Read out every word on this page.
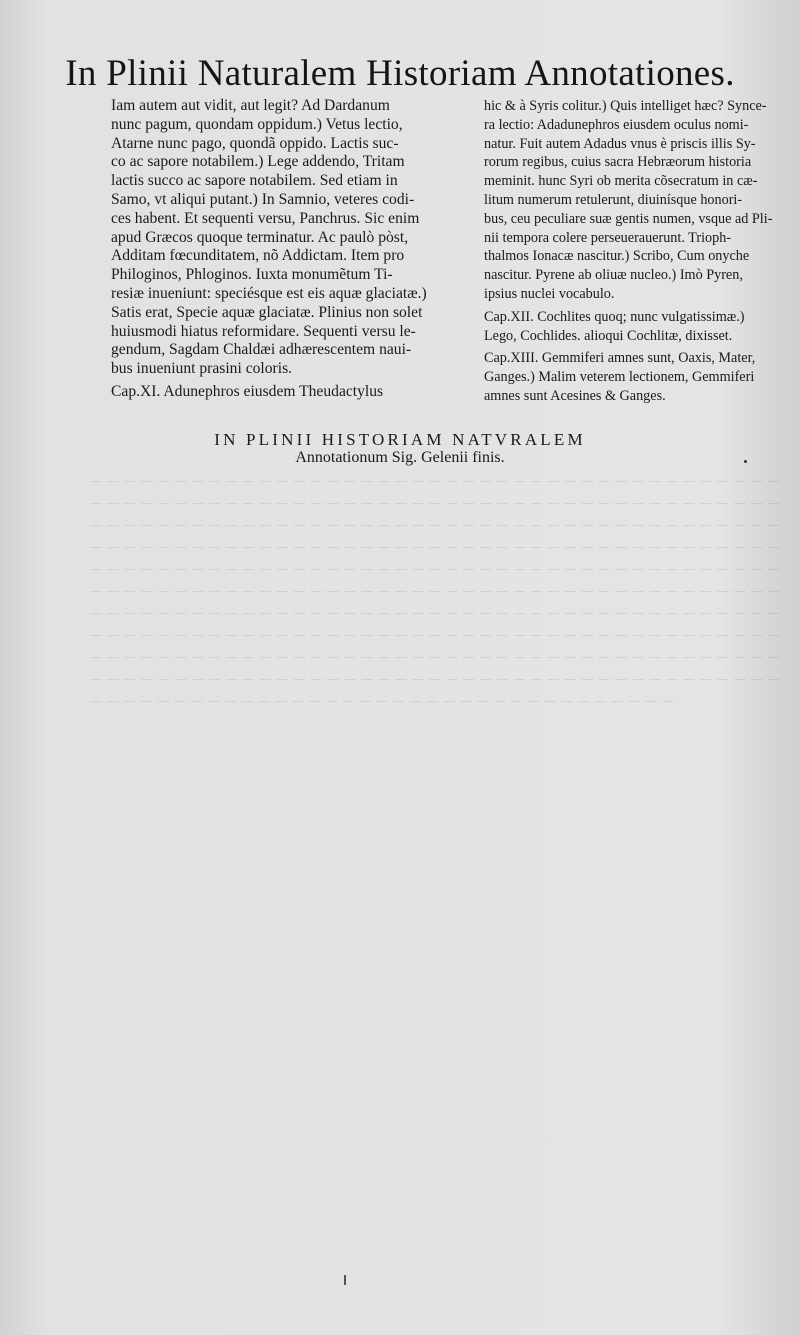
— — — — — — — — — — — — — — — — — — — — — — — — — — — — — — — — — — — — — — — — — — — — — — — — — — — — — — — — — — — — — — — — — — — — — — — — — — — — — — — — — — — — — — — — — — — — — — — — — — — — — — — — — — — — — — — — — — — — — — — — — — — — — — — — — — — — — — — — — — — — — — — — — — — — — — — — — — — — — — — — — — — — — — — — — — — — — — — — — — — — — — — — — — — — — — — — — — — — — — — — — — — — — — — — — — — — — — — — — — — — — — — — — — — — — — — — — — — — — — — — — — — — — — — — — — — — — — — — — — — — — — — — — — — — — — — — — — — — — — — — — — — — — — — — — — — — — — — — — — — — — — — — — — — — — — — — — — — — — — — — — — — — — — — — — — — — — — — — — — — — — — — — — — — — — — — — — — — — — — — — — — — — — — — — — — — — — — — — — — — — — — — — — — — — — — — — — — — — — — — — — — — — — — — — — — — — — — — — — — — — — — — — — — — — — — — — — — — — — — — — — — — — —
In Plinii Naturalem Historiam Annotationes.

Iam autem aut vidit, aut legit? Ad Dardanum
nunc pagum, quondam oppidum.) Vetus lectio,
Atarne nunc pago, quondã oppido. Lactis suc-
co ac sapore notabilem.) Lege addendo, Tritam
lactis succo ac sapore notabilem. Sed etiam in
Samo, vt aliqui putant.) In Samnio, veteres codi-
ces habent. Et sequenti versu, Panchrus. Sic enim
apud Græcos quoque terminatur. Ac paulò pòst,
Additam fœcunditatem, nõ Addictam. Item pro
Philoginos, Phloginos. Iuxta monumẽtum Ti-
resiæ inueniunt: speciésque est eis aquæ glaciatæ.)
Satis erat, Specie aquæ glaciatæ. Plinius non solet
huiusmodi hiatus reformidare. Sequenti versu le-
gendum, Sagdam Chaldæi adhærescentem naui-
bus inueniunt prasini coloris.

Cap.XI. Adunephros eiusdem Theudactylus

hic & à Syris colitur.) Quis intelliget hæc? Synce-
ra lectio: Adadunephros eiusdem oculus nomi-
natur. Fuit autem Adadus vnus è priscis illis Sy-
rorum regibus, cuius sacra Hebræorum historia
meminit. hunc Syri ob merita cõsecratum in cæ-
litum numerum retulerunt, diuinísque honori-
bus, ceu peculiare suæ gentis numen, vsque ad Pli-
nii tempora colere perseuerauerunt. Trioph-
thalmos Ionacæ nascitur.) Scribo, Cum onyche
nascitur. Pyrene ab oliuæ nucleo.) Imò Pyren,
ipsius nuclei vocabulo.

Cap.XII. Cochlites quoq; nunc vulgatissimæ.)
Lego, Cochlides. alioqui Cochlitæ, dixisset.

Cap.XIII. Gemmiferi amnes sunt, Oaxis, Mater,
Ganges.) Malim veterem lectionem, Gemmiferi
amnes sunt Acesines & Ganges.

IN PLINII HISTORIAM NATVRALEM
Annotationum Sig. Gelenii finis.
